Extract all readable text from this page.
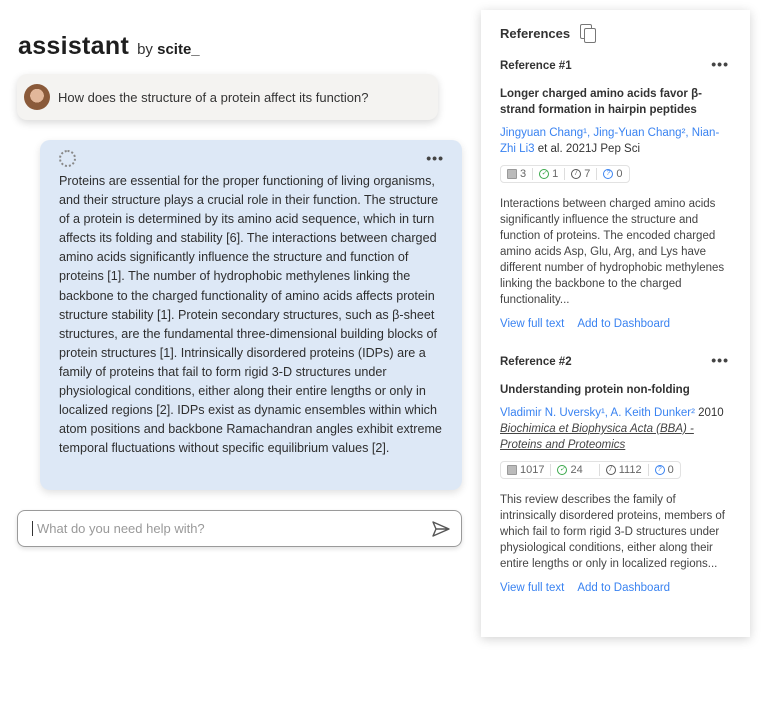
assistant by scite_
How does the structure of a protein affect its function?
•••

Proteins are essential for the proper functioning of living organisms, and their structure plays a crucial role in their function. The structure of a protein is determined by its amino acid sequence, which in turn affects its folding and stability [6]. The interactions between charged amino acids significantly influence the structure and function of proteins [1]. The number of hydrophobic methylenes linking the backbone to the charged functionality of amino acids affects protein structure stability [1]. Protein secondary structures, such as β-sheet structures, are the fundamental three-dimensional building blocks of protein structures [1]. Intrinsically disordered proteins (IDPs) are a family of proteins that fail to form rigid 3-D structures under physiological conditions, either along their entire lengths or only in localized regions [2]. IDPs exist as dynamic ensembles within which atom positions and backbone Ramachandran angles exhibit extreme temporal fluctuations without specific equilibrium values [2].

What do you need help with?
References
Reference #1	•••
Longer charged amino acids favor β-strand formation in hairpin peptides
Jingyuan Chang¹, Jing-Yuan Chang², Nian-Zhi Li3 et al. 2021J Pep Sci
3 ✓ 1	/ 7	? 0
Interactions between charged amino acids significantly influence the structure and function of proteins. The encoded charged amino acids Asp, Glu, Arg, and Lys have different number of hydrophobic methylenes linking the backbone to the charged functionality...
View full text Add to Dashboard
Reference #2	•••
Understanding protein non-folding
Vladimir N. Uversky¹, A. Keith Dunker² 2010
Biochimica et Biophysica Acta (BBA) - Proteins and Proteomics
1017 ✓ 24	/ 1112	? 0
This review describes the family of intrinsically disordered proteins, members of which fail to form rigid 3-D structures under physiological conditions, either along their entire lengths or only in localized regions...
View full text Add to Dashboard
